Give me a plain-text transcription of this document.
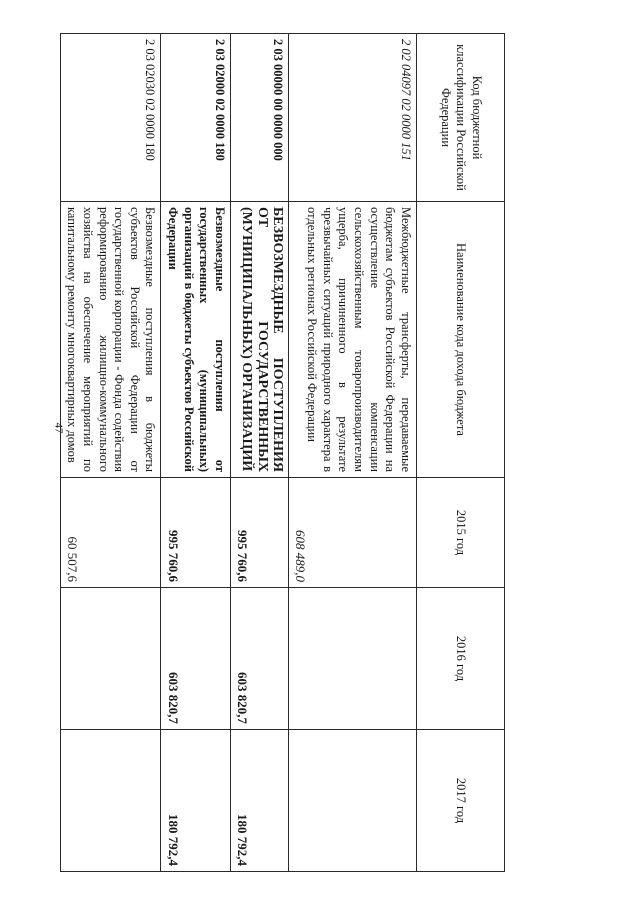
47
Код бюджетной классификации Российской Федерации	Наименование кода дохода бюджета	2015 год	2016 год	2017 год
2 02 04097 02 0000 151	Межбюджетные трансферты, передаваемые бюджетам субъектов Российской Федерации на осуществление компенсации сельскохозяйственным товаропроизводителям ущерба, причиненного в результате чрезвычайных ситуаций природного характера в отдельных регионах Российской Федерации	608 489,0		
2 03 00000 00 0000 000	БЕЗВОЗМЕЗДНЫЕ ПОСТУПЛЕНИЯ ОТ ГОСУДАРСТВЕННЫХ (МУНИЦИПАЛЬНЫХ) ОРГАНИЗАЦИЙ	995 760,6	603 820,7	180 792,4
2 03 02000 02 0000 180	Безвозмездные поступления от государственных (муниципальных) организаций в бюджеты субъектов Российской Федерации	995 760,6	603 820,7	180 792,4
2 03 02030 02 0000 180	Безвозмездные поступления в бюджеты субъектов Российской Федерации от государственной корпорации - Фонда содействия реформированию жилищно-коммунального хозяйства на обеспечение мероприятий по капитальному ремонту многоквартирных домов	60 507,6		
